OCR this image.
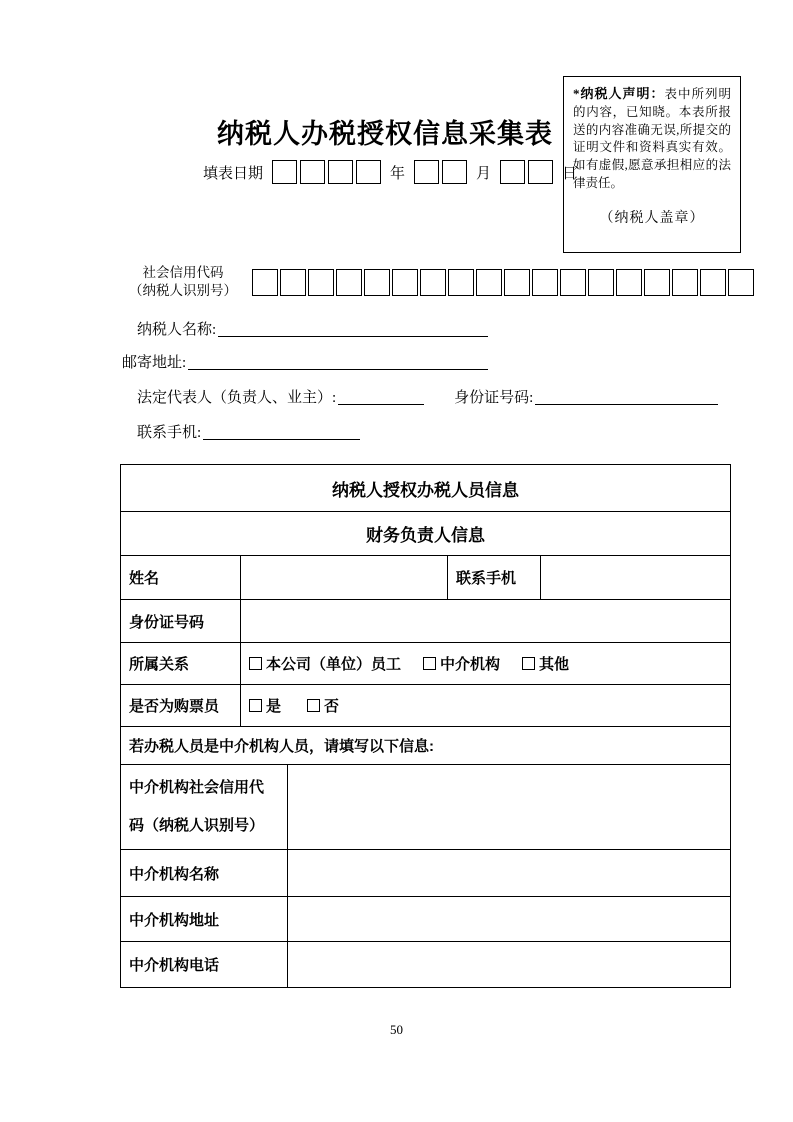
*纳税人声明：表中所列明的内容，已知晓。本表所报送的内容准确无误,所提交的证明文件和资料真实有效。如有虚假,愿意承担相应的法律责任。
（纳税人盖章）
纳税人办税授权信息采集表
填表日期	年	月	日
社会信用代码
（纳税人识别号）
纳税人名称:
邮寄地址:
法定代表人（负责人、业主）:	身份证号码:
联系手机:
纳税人授权办税人员信息
财务负责人信息
姓名	联系手机
身份证号码
所属关系	本公司（单位）员工	中介机构	其他
是否为购票员	是	否
若办税人员是中介机构人员，请填写以下信息:
中介机构社会信用代码（纳税人识别号）
中介机构名称
中介机构地址
中介机构电话
50
